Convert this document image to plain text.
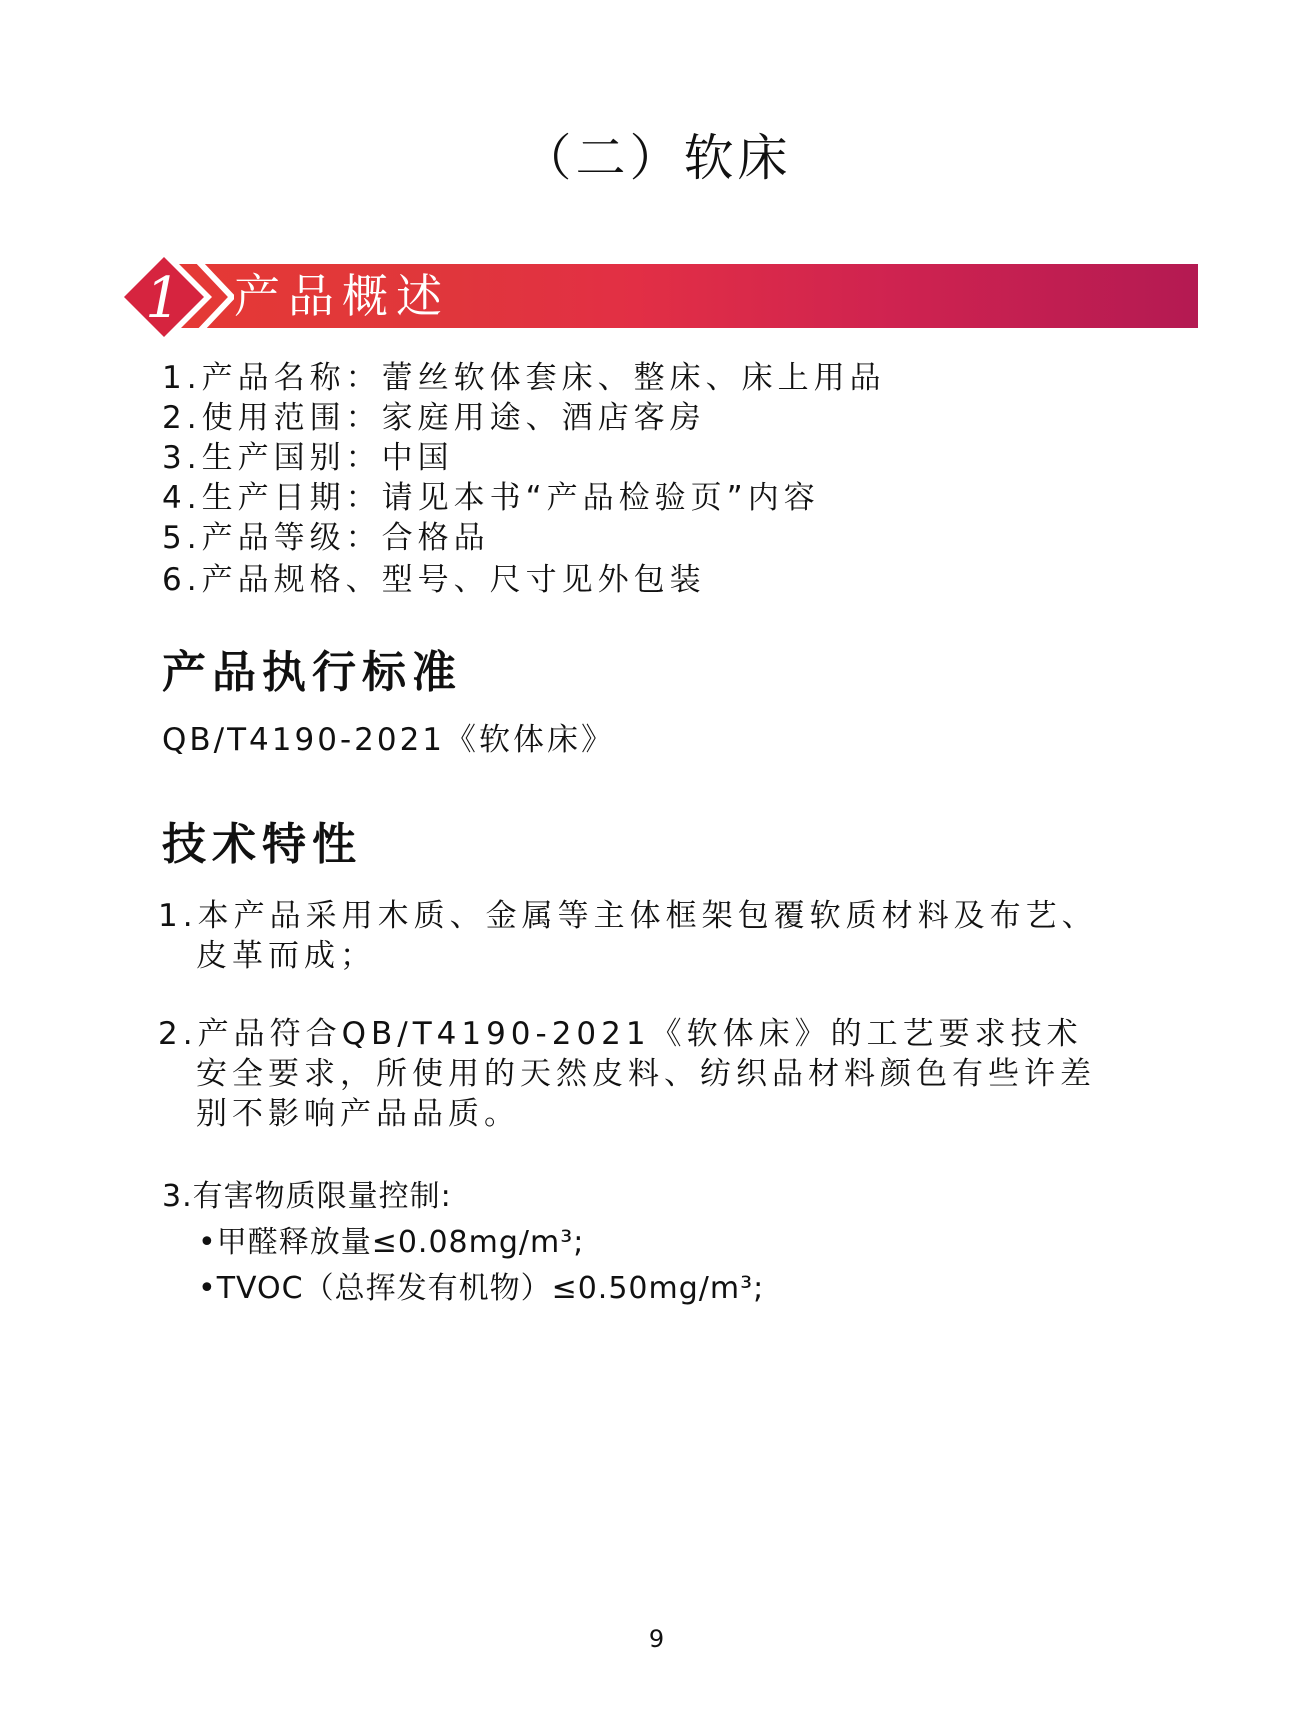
（二）软床
1 产品概述
1.产品名称：蕾丝软体套床、整床、床上用品
2.使用范围：家庭用途、酒店客房
3.生产国别：中国
4.生产日期：请见本书“产品检验页”内容
5.产品等级：合格品
6.产品规格、型号、尺寸见外包装
产品执行标准
QB/T4190-2021《软体床》
技术特性
1.本产品采用木质、金属等主体框架包覆软质材料及布艺、
皮革而成；
2.产品符合QB/T4190-2021《软体床》的工艺要求技术
安全要求，所使用的天然皮料、纺织品材料颜色有些许差
别不影响产品品质。
3.有害物质限量控制:
•甲醛释放量≤0.08mg/m³;
•TVOC（总挥发有机物）≤0.50mg/m³;
9
